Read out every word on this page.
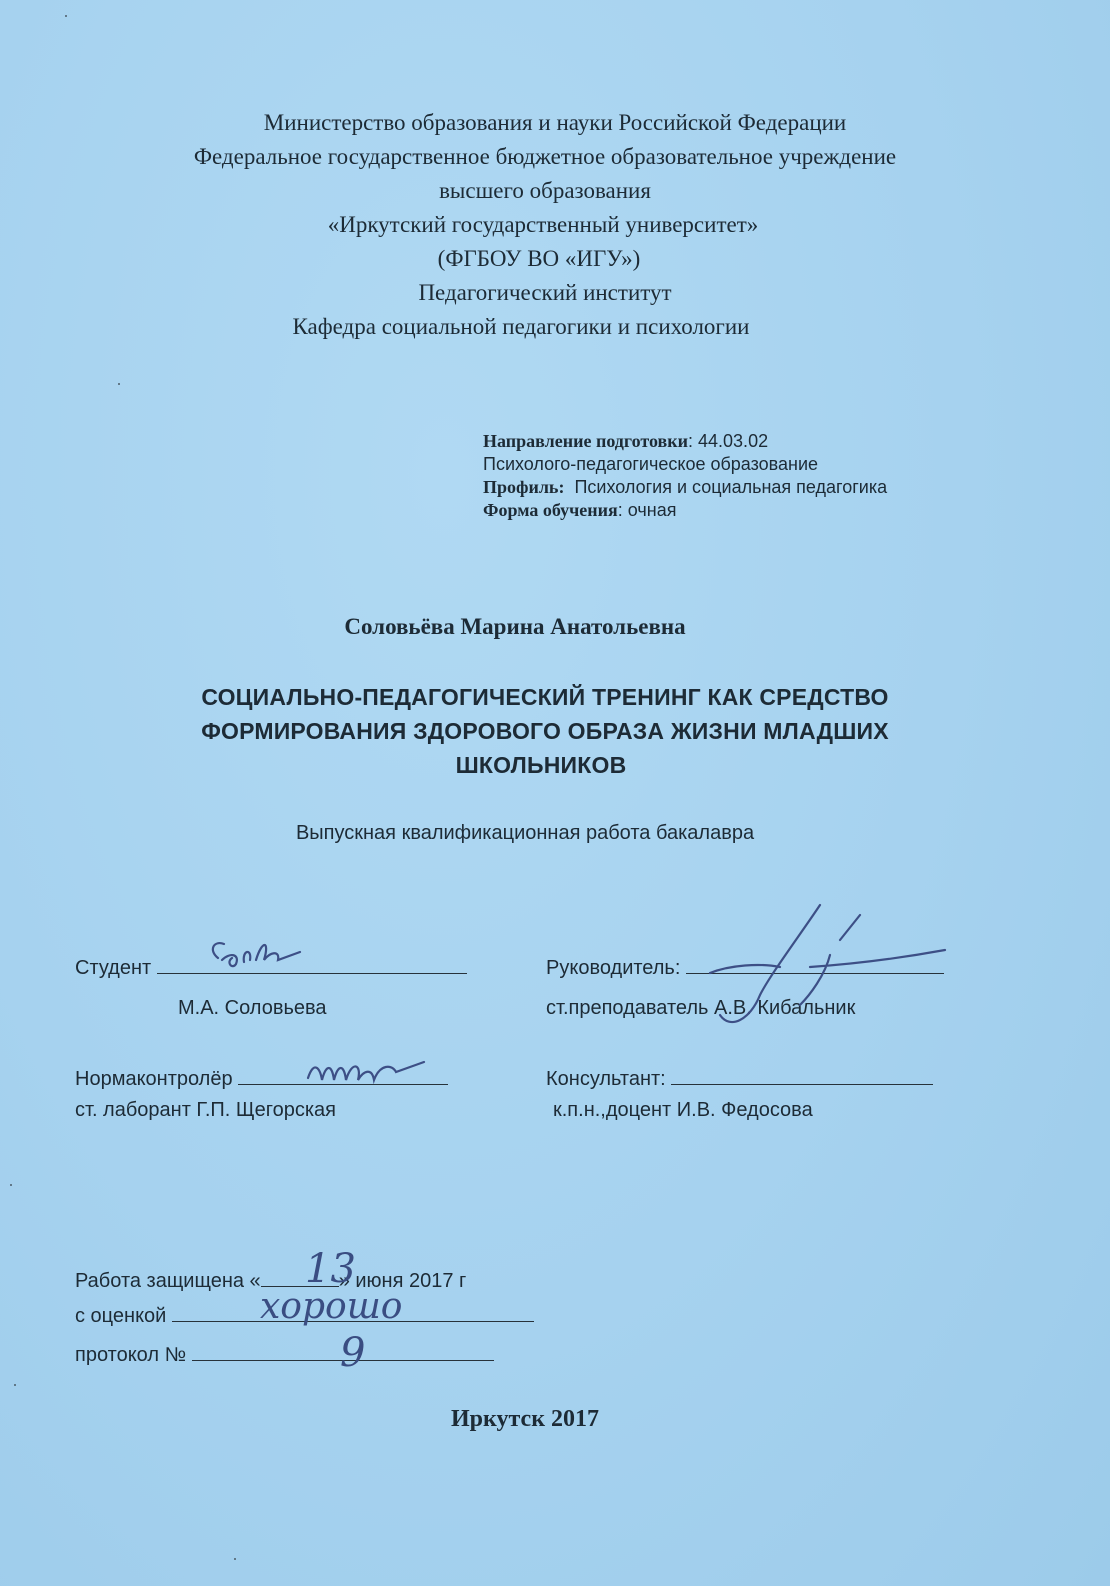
Министерство образования и науки Российской Федерации
Федеральное государственное бюджетное образовательное учреждение
высшего образования
«Иркутский государственный университет»
(ФГБОУ ВО «ИГУ»)
Педагогический институт
Кафедра социальной педагогики и психологии
Направление подготовки: 44.03.02
Психолого-педагогическое образование
Профиль: Психология и социальная педагогика
Форма обучения: очная
Соловьёва Марина Анатольевна
СОЦИАЛЬНО-ПЕДАГОГИЧЕСКИЙ ТРЕНИНГ КАК СРЕДСТВО
ФОРМИРОВАНИЯ ЗДОРОВОГО ОБРАЗА ЖИЗНИ МЛАДШИХ
ШКОЛЬНИКОВ
Выпускная квалификационная работа бакалавра
Студент
М.А. Соловьева
Нормаконтролёр
ст. лаборант Г.П. Щегорская
Руководитель:
ст.преподаватель А.В. Кибальник
Консультант:
к.п.н.,доцент И.В. Федосова
Работа защищена «	» июня 2017 г
13
с оценкой	хорошо
протокол №	9
Иркутск 2017
